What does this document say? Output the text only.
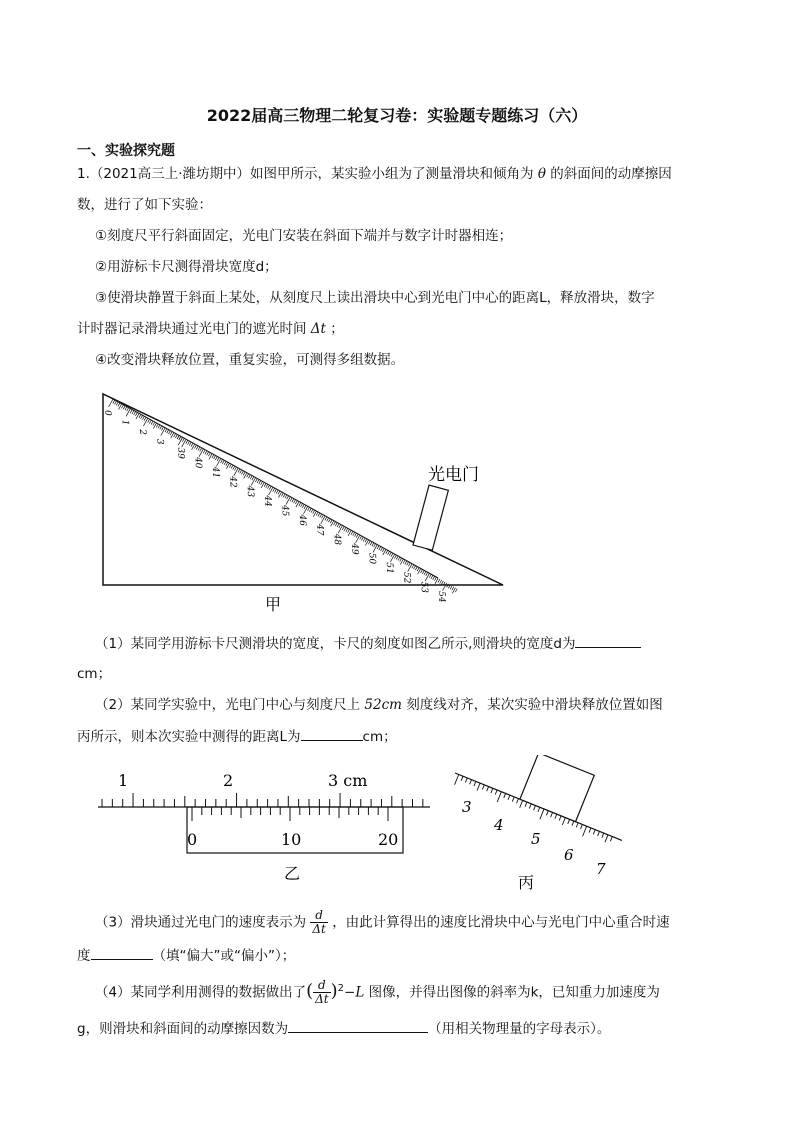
2022届高三物理二轮复习卷：实验题专题练习（六）
一、实验探究题
1.（2021高三上·潍坊期中）如图甲所示，某实验小组为了测量滑块和倾角为 θ 的斜面间的动摩擦因
数，进行了如下实验：
①刻度尺平行斜面固定，光电门安装在斜面下端并与数字计时器相连；
②用游标卡尺测得滑块宽度d；
③使滑块静置于斜面上某处，从刻度尺上读出滑块中心到光电门中心的距离L，释放滑块，数字
计时器记录滑块通过光电门的遮光时间 Δt ；
④改变滑块释放位置，重复实验，可测得多组数据。
光电门
甲
0
1
2
3
39
40
41
42
43
44
45
46
47
48
49
50
51
52
53
54
（1）某同学用游标卡尺测滑块的宽度，卡尺的刻度如图乙所示,则滑块的宽度d为
cm；
（2）某同学实验中，光电门中心与刻度尺上 52cm 刻度线对齐，某次实验中滑块释放位置如图
丙所示，则本次实验中测得的距离L为	cm；
1	2	3 cm
0	10	20
乙
3
4
5
6
7
丙
（3）滑块通过光电门的速度表示为 $\frac{d}{\Delta t}$ ，由此计算得出的速度比滑块中心与光电门中心重合时速
度	（填“偏大”或“偏小”）；
（4）某同学利用测得的数据做出了( $\frac{d}{\Delta t} )^2-L$ 图像，并得出图像的斜率为k，已知重力加速度为
g，则滑块和斜面间的动摩擦因数为	（用相关物理量的字母表示）。
